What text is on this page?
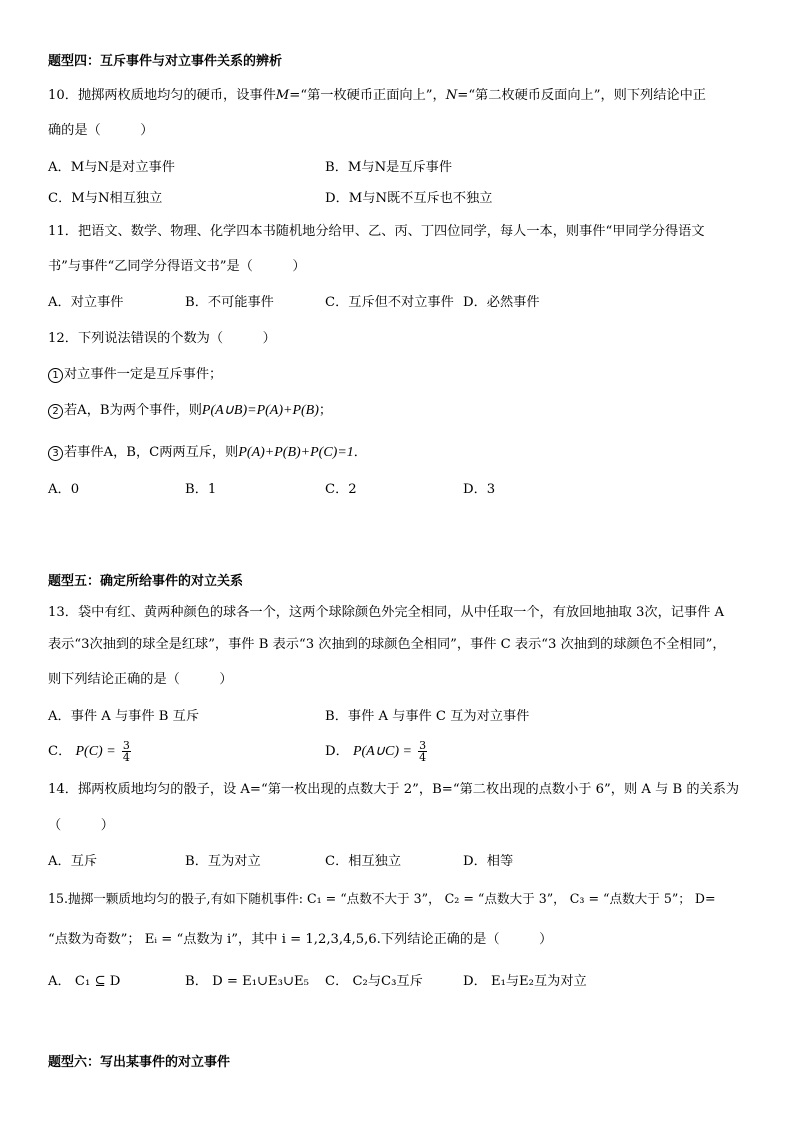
题型四：互斥事件与对立事件关系的辨析
10．抛掷两枚质地均匀的硬币，设事件M=“第一枚硬币正面向上”，N=“第二枚硬币反面向上”，则下列结论中正
确的是（　　　）
A．M与N是对立事件	B．M与N是互斥事件
C．M与N相互独立	D．M与N既不互斥也不独立
11．把语文、数学、物理、化学四本书随机地分给甲、乙、丙、丁四位同学，每人一本，则事件“甲同学分得语文
书”与事件“乙同学分得语文书”是（　　　）
A．对立事件	B．不可能事件	C．互斥但不对立事件 D．必然事件
12．下列说法错误的个数为（　　　）
1 对立事件一定是互斥事件；
2 若A，B为两个事件，则P(A∪B)=P(A)+P(B)；
3 若事件A，B，C两两互斥，则P(A)+P(B)+P(C)=1．
A．0	B．1	C．2	D．3
题型五：确定所给事件的对立关系
13．袋中有红、黄两种颜色的球各一个，这两个球除颜色外完全相同，从中任取一个，有放回地抽取 3次，记事件 A
表示“3次抽到的球全是红球”，事件 B 表示“3 次抽到的球颜色全相同”，事件 C 表示“3 次抽到的球颜色不全相同”，
则下列结论正确的是（　　　）
A．事件 A 与事件 B 互斥	B．事件 A 与事件 C 互为对立事件
C． $P(C) = \frac{3}{4}$	D． P(A∪C) = $\frac{3}{4}$
14．掷两枚质地均匀的骰子，设 A=“第一枚出现的点数大于 2”，B=“第二枚出现的点数小于 6”，则 A 与 B 的关系为
（　　　）
A．互斥	B．互为对立	C．相互独立	D．相等
15.抛掷一颗质地均匀的骰子,有如下随机事件: C₁ = “点数不大于 3”， C₂ = “点数大于 3”， C₃ = “点数大于 5”； D=
“点数为奇数”； Eᵢ = “点数为 i”，其中 i = 1,2,3,4,5,6.下列结论正确的是（　　　）
A． C₁ ⊆ D	B． D = E₁∪E₃∪E₅ C． C₂与C₃互斥	D． E₁与E₂互为对立
题型六：写出某事件的对立事件
